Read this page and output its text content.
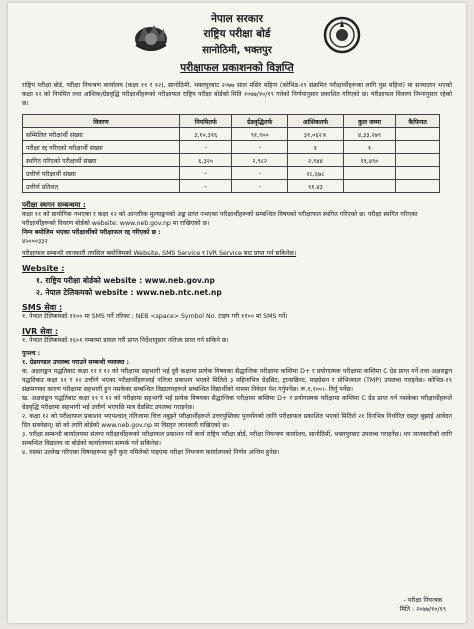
नेपाल सरकार
राष्ट्रिय परीक्षा बोर्ड
सानोठिमी, भक्तपुर
परीक्षाफल प्रकाशनको विज्ञप्ति
राष्ट्रिय परीक्षा बोर्ड, परीक्षा नियन्त्रण कार्यालय (कक्षा ११ र १२), सानोठिमी, भक्तपुरबाट २०७७ साल मंसिर महिना (कोभिड-१९ संक्रमित परीक्षार्थीहरूका लागि पुस महिना) मा सञ्चालन भएको कक्षा १२ को नियमित तथा आंशिक/ग्रेडवृद्धि परीक्षार्थीहरूको परीक्षाफल राष्ट्रिय परीक्षा बोर्डको मिति २०७७/१०/१९ गतेको निर्णयानुसार प्रकाशित गरिएको छ। परीक्षाफल विवरण निम्नानुसार रहेको छ।
विवरण	नियमितर्फ	ग्रेडवृद्धितर्फ	आंशिकतर्फ	कुल जम्मा	कैफियत
सम्मिलित परीक्षार्थी संख्या	३,१०,३१६	९१,९००	३१,०६२×	४,३३,२७९	
परीक्षा रद्द गरिएको परीक्षार्थी संख्या	-	-	१	१	
स्थगित गरिएको परीक्षार्थी संख्या	६,३२०	२,९८२	२,९४४	११,४९०	
उत्तीर्ण परीक्षार्थी संख्या	-	-	२८,६७८		
उत्तीर्ण प्रतिशत	-	-	९१.४३		
परीक्षा स्थगन सम्बन्धमा :
कक्षा ११ को प्रायोगिक नभएका र कक्षा १२ को आन्तरिक मूल्याङ्कनको अङ्क प्राप्त नभएका परीक्षार्थीहरूको सम्बन्धित विषयको परीक्षाफल स्थगित गरिएको छ। परीक्षा स्थगित गरिएका परीक्षार्थीहरूको विवरण बोर्डको website: www.neb.gov.np मा राखिएको छ।
निम्न बमोजिम भएका परीक्षार्थीको परीक्षाफल रद्द गरिएको छ :
४५०००३३२
परीक्षाफल सम्बन्धी जानकारी तपसिल बमोजिमको Website, SMS Service र IVR Service बाट प्राप्त गर्न सकिनेछ।
Website :
१. राष्ट्रिय परीक्षा बोर्डको website : www.neb.gov.np
२. नेपाल टेलिकमको website : www.neb.ntc.net.np
SMS सेवा :
१. नेपाल टेलिकमको ११०० मा SMS गर्ने तरिका : NEB <space> Symbol No. टाइप गरी ११०० मा SMS गर्ने।
IVR सेवा :
१. नेपाल टेलिकमको १६०१ नम्बरमा डायल गरी प्राप्त निर्देशानुसार नतिजा प्राप्त गर्न सकिने छ।
पुनश्च :
१. ग्रेडमण्डल उपलब्ध गराउने सम्बन्धी व्यवस्था :
क. अक्षराङ्कन पद्धतिबाट कक्षा ११ र १२ को परीक्षामा सहभागी भई दुवै कक्षामा प्रत्येक विषयका सैद्धान्तिक परीक्षामा कम्तिमा D+ र प्रयोगात्मक परीक्षामा कम्तिमा C ग्रेड प्राप्त गर्ने तथा अक्षराङ्कन पद्धतिबाट कक्षा ११ र १२ उत्तीर्ण भएका परीक्षार्थीहरूलाई नतिजा प्रकाशन भएको मितिले ३ महिनाभित्र ग्रेडसिट, ट्रान्सक्रिप्ट, माइग्रेसन र प्रोभिजनल (TMP) उपलब्ध गराइनेछ। कोभिड-१९ संक्रमणका कारण परीक्षामा सहभागी हुन नसकेका सम्बन्धित विद्यालयहरूले सम्बन्धित विद्यार्थीको नाममा निवेदन पेश गर्नुपर्नेछ। रू.१,१००।- तिर्नु पर्नेछ।
ख. अक्षराङ्कन पद्धतिबाट कक्षा ११ र १२ को परीक्षामा सहभागी भई प्रत्येक विषयका सैद्धान्तिक परीक्षामा कम्तिमा D+ र प्रयोगात्मक परीक्षामा कम्तिमा C ग्रेड प्राप्त गर्न नसकेका परीक्षार्थीहरूले ग्रेडवृद्धि परीक्षामा सहभागी भई उत्तीर्ण भएपछि मात्र ग्रेडसिट उपलब्ध गराइनेछ।
२. कक्षा १२ को परीक्षाफल प्रकाशन भएपश्चात् नतिजामा चित्त नबुझ्ने परीक्षार्थीहरूले उत्तरपुस्तिका पुनर्योगको लागि परीक्षाफल प्रकाशित भएको मितिले २१ दिनभित्र निर्धारित दस्तुर बुझाई आवेदन दिन सक्नेछन्। सो को लागि बोर्डको www.neb.gov.np मा विस्तृत जानकारी राखिएको छ।
३. परीक्षा सम्बन्धी कार्यालयमा संलग्न परीक्षार्थीहरूको परीक्षाफल प्रकाशन गर्ने कार्य राष्ट्रिय परीक्षा बोर्ड, परीक्षा नियन्त्रण कार्यालय, सानोठिमी, भक्तपुरबाट उपलब्ध गराइनेछ। थप जानकारीको लागि सम्बन्धित विद्यालय वा बोर्डको कार्यालयमा सम्पर्क गर्न सकिनेछ।
४. यसमा उल्लेख गरिएका विषयहरूमा कुनै कुरा नमिलेको पाइएमा परीक्षा नियन्त्रण कार्यालयको निर्णय अन्तिम हुनेछ।
- परीक्षा नियन्त्रक
मिति : २०७७/१०/१९
